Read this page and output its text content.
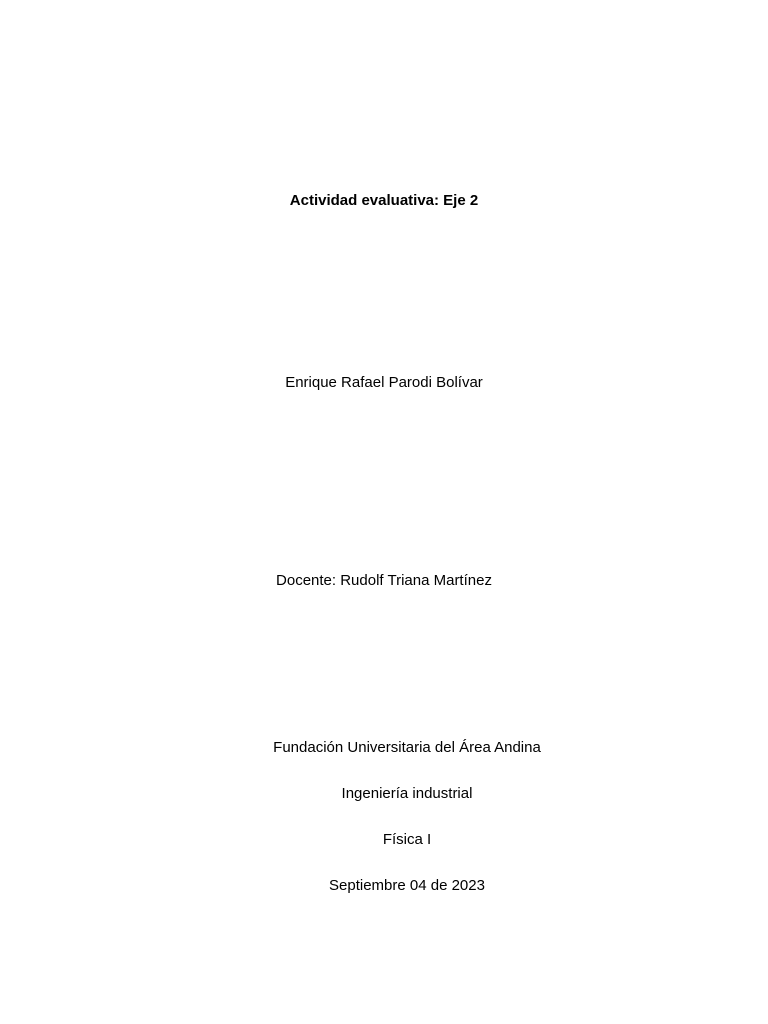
Actividad evaluativa: Eje 2
Enrique Rafael Parodi Bolívar
Docente: Rudolf Triana Martínez
Fundación Universitaria del Área Andina
Ingeniería industrial
Física I
Septiembre 04 de 2023
